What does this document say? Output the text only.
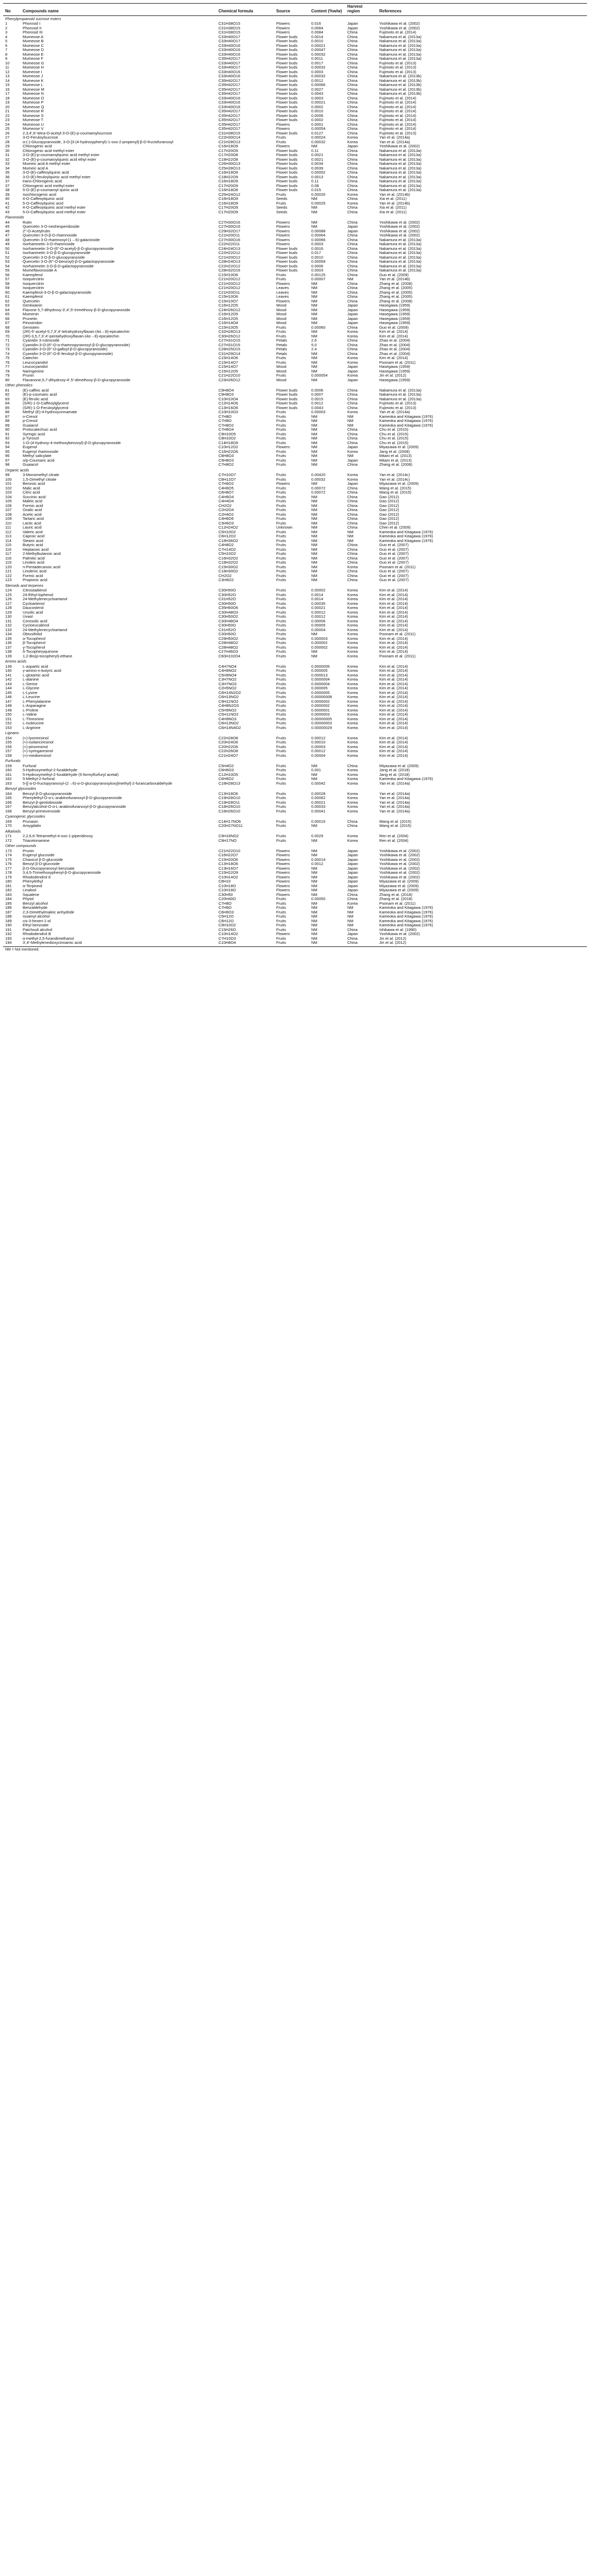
No	Compounds name	Chemical formula	Source	Content (%w/w)	Harvest region	References
Phenylpropanoid sucrose esters						
1	Phorosid I	C31H38O15	Flowers	0.016	Japan	Yoshikawa et al. (2002)
2	Phorosid II	C31H38O15	Flowers	0.0084	Japan	Yoshikawa et al. (2002)
3	Phorosid III	C31H38O15	Flowers	0.0084	China	Fujimoto et al. (2014)
4	Mumeose A	C33H40O17	Flower buds	0.0014	China	Nakamura et al. (2013a)
5	Mumeose B	C33H40O17	Flower buds	0.0010	China	Nakamura et al. (2013a)
6	Mumeose C	C33H40O16	Flower buds	0.00021	China	Nakamura et al. (2013a)
7	Mumeose D	C33H40O16	Flower buds	0.00047	China	Nakamura et al. (2013a)
8	Mumeose E	C33H40O16	Flower buds	0.00032	China	Nakamura et al. (2013a)
9	Mumeose F	C35H42O17	Flower buds	0.0011	China	Nakamura et al. (2013a)
10	Mumeose G	C33H40O17	Flower buds	0.0017	China	Fujimoto et al. (2013)
11	Mumeose H	C33H40O17	Flower buds	0.00032	China	Fujimoto et al. (2013)
12	Mumeose I	C33H40O16	Flower buds	0.0003	China	Fujimoto et al. (2013)
13	Mumeose J	C33H40O16	Flower buds	0.00032	China	Nakamura et al. (2013b)
14	Mumeose K	C35H42O17	Flower buds	0.0012	China	Nakamura et al. (2013b)
15	Mumeose L	C35H42O17	Flower buds	0.00066	China	Nakamura et al. (2013b)
16	Mumeose M	C35H42O17	Flower buds	0.0027	China	Nakamura et al. (2013b)
17	Mumeose N	C35H42O17	Flower buds	0.0043	China	Nakamura et al. (2013b)
18	Mumeose O	C33H40O16	Flower buds	0.0003	China	Fujimoto et al. (2014)
19	Mumeose P	C33H40O16	Flower buds	0.00021	China	Fujimoto et al. (2014)
20	Mumeose Q	C33H40O16	Flower buds	0.0002	China	Fujimoto et al. (2014)
21	Mumeose R	C35H42O17	Flower buds	0.0010	China	Fujimoto et al. (2014)
22	Mumeose S	C35H42O17	Flower buds	0.0006	China	Fujimoto et al. (2014)
23	Mumeose T	C35H42O17	Flower buds	0.0002	China	Fujimoto et al. (2014)
24	Mumeose U	C35H42O17	Flowers	0.0001	China	Fujimoto et al. (2014)
25	Mumeose V	C35H42O17	Flowers	0.00054	China	Fujimoto et al. (2014)
26	2,3,4′,6′-tetra-O-acetyl-3-O-(E)-p-coumaroylsucrose	C31H38O15	Flower buds	0.0127	China	Fujimoto et al. (2013)
27	3-O-Feruloylsucrose	C22H30O14	Fruits	0.00024	Korea	Yan et al. (2014a)
28	α-(-)-Glucopyranoside, 3-O-[3-(4-hydroxyphenyl)-1-oxo-2-propenyl]-β-D-fructofuranosyl	C21H28O13	Fruits	0.00032	Korea	Yan et al. (2014a)
29	Chlorogenic acid	C16H18O9	Flowers	NM	Japan	Yoshikawa et al. (2002)
30	Chlorogenic acid methyl ester	C17H20O9	Flower buds	0.11	China	Nakamura et al. (2013a)
31	3-O-(E)-p-coumaroylquinic acid methyl ester	C17H20O8	Flower buds	0.0021	China	Nakamura et al. (2013a)
32	3-O-(E)-p-coumaroylquinic acid ethyl ester	C18H22O8	Flower buds	0.0021	China	Nakamura et al. (2013a)
33	Mumeic acid A methyl ester	C26H30O13	Flower buds	0.0034	China	Nakamura et al. (2013a)
34	Mumeic acid A	C25H28O13	Flower buds	0.0039	China	Nakamura et al. (2013a)
35	3-O-(E)-caffeoylquinic acid	C16H18O9	Flower buds	0.00052	China	Nakamura et al. (2013a)
36	3-O-(E)-feruloylquinic acid methyl ester	C18H22O9	Flower buds	0.0013	China	Nakamura et al. (2013a)
37	trans-Chlorogenic acid	C16H18O9	Flower buds	0.11	China	Nakamura et al. (2013a)
37	Chlorogenic acid methyl ester	C17H20O9	Flower buds	0.08	China	Nakamura et al. (2013a)
38	5-O-(E)-p-coumaroyl quinic acid	C16H18O8	Flower buds	0.015	China	Nakamura et al. (2013a)
39	Isochlorogenic acid	C25H24O12	Fruits	0.00020	Korea	Yan et al. (2014b)
40	4-O-Caffeoylquinic acid	C16H18O9	Seeds	NM	China	Xia et al. (2011)
41	5-O-Caffeoylquinic acid	C16H18O9	Fruits	0.00025	Korea	Yan et al. (2014b)
42	4-O-Caffeoylquinic acid methyl ester	C17H20O9	Seeds	NM	China	Xia et al. (2011)
43	5-O-Caffeoylquinic acid methyl ester	C17H20O9	Seeds	NM	China	Xia et al. (2011)
Flavonoids						
44	Rutin	C27H30O16	Flowers	NM	China	Yoshikawa et al. (2002)
45	Quercetin 3-O-neohesperidoside	C27H30O16	Flowers	NM	Japan	Yoshikawa et al. (2002)
46	2″-O-Acetylrutin	C29H32O17	Flowers	0.00088	Japan	Yoshikawa et al. (2002)
47	Quercetin-3-O-β-D-rhamnoside	C21H20O11	Flowers	0.00064	China	Yoshikawa et al. (2002)
48	Quercetin 3-O-rhamnosyl-(1→6)-galactoside	C27H30O16	Flowers	0.00066	China	Nakamura et al. (2013a)
49	Isorhamnetin 3-O-rhamnoside	C22H22O11	Flowers	0.0003	China	Nakamura et al. (2013a)
50	Isorhamnetin 3-O-(6″-O-acetyl)-β-D-glucopyranoside	C24H24O13	Flower buds	0.0016	China	Nakamura et al. (2013a)
51	Isorhamnetin 3-O-β-D-glucopyranoside	C22H22O12	Flower buds	0.017	China	Nakamura et al. (2013a)
52	Quercetin 3-O-β-D-glucopyranoside	C21H20O12	Flower buds	0.0010	China	Nakamura et al. (2013a)
53	Quercetin 3-O-(6″-O-benzoyl)-β-D-galactopyranoside	C28H24O13	Flower buds	0.00059	China	Nakamura et al. (2013a)
54	Isorhamnetin 3-O-β-D-galactopyranoside	C22H22O12	Flower buds	0.0006	China	Nakamura et al. (2013a)
55	Mumeflavonoside A	C28H32O16	Flower buds	0.0003	China	Nakamura et al. (2013a)
56	Kaempferol	C15H10O6	Fruits	0.00125	China	Guo et al. (2009)
57	Isoquercitrin	C21H20O12	Fruits	0.00007	NM	Yan et al. (2014b)
58	Isoquercitrin	C21H20O12	Flowers	NM	China	Zhang et al. (2008)
59	Isoquercitrin	C21H20O12	Leaves	NM	China	Zhang et al. (2005)
60	Kaempferol-3-O-β-D-galactopyranoside	C21H20O11	Leaves	NM	China	Zhang et al. (2005)
61	Kaempferol	C15H10O6	Leaves	NM	China	Zhang et al. (2005)
62	Quercetin	C15H10O7	Flowers	NM	China	Zhang et al. (2008)
63	Genkwanin	C16H12O5	Wood	NM	Japan	Hasegawa (1959)
64	Flavone 5,7-dihydroxy-3′,4′,5′-trimethoxy-β-D-glucopyranoside	C24H26O12	Wood	NM	Japan	Hasegawa (1959)
65	Mumenin	C16H12O5	Wood	NM	Japan	Hasegawa (1959)
66	Prunetin	C16H12O5	Wood	NM	Japan	Hasegawa (1959)
67	Pinostrobin	C16H14O4	Wood	NM	Japan	Hasegawa (1959)
68	Genistein	C15H10O5	Fruits	0.00060	China	Guo et al. (2009)
69	(2R)-5′-acetyl-5,7,3′,4′-tetrahydroxyflavan-(4α→8)-epicatechin	C32H28O13	Fruits	NM	Korea	Kim et al. (2014)
70	(2R)-3,5,7,3′,4′-pentahydroxyflavan-(4α→8)-epicatechin	C30H26O12	Fruits	NM	Korea	Kim et al. (2014)
71	Cyanidin 3-rutinoside	C27H31O15	Petals	2.6	China	Zhao et al. (2004)
72	Cyanidin-3-O-(6″-O-α-rhamnopyranosyl-β-D-glucopyranoside)	C27H31O15	Petals	5.0	China	Zhao et al. (2004)
73	Cyanidin-3-O-(6″-O-galloyl-β-D-glucopyranoside)	C28H25O15	Petals	2.4	China	Zhao et al. (2004)
74	Cyanidin-3-O-(6″-O-E-feruloyl-β-D-glucopyranoside)	C31H29O14	Petals	NM	China	Zhao et al. (2004)
75	Catechin	C15H14O6	Fruits	NM	Korea	Kim et al. (2014)
76	Leucocyanidol	C15H14O7	Fruits	NM	Korea	Poonam et al. (2011)
77	Leucocyanidol	C15H14O7	Wood	NM	Japan	Hasegawa (1959)
78	Naringenine	C15H12O5	Wood	NM	Japan	Hasegawa (1959)
79	Prunin	C21H22O10	Fruits	0.000054	Korea	Jin et al. (2012)
80	Flavanone,5,7-dihydroxy-4′,5′-dimethoxy-β-D-glucopyranoside	C23H26O12	Wood	NM	Japan	Hasegawa (1959)
Other phenolics						
81	(E)-caffeic acid	C9H8O4	Flower buds	0.0006	China	Nakamura et al. (2013a)
82	(E)-p-coumaric acid	C9H8O3	Flower buds	0.0007	China	Nakamura et al. (2013a)
83	(E)-ferulic acid	C10H10O4	Flower buds	0.0015	China	Nakamura et al. (2013a)
84	(S/R)-1-O-Caffeoylglycerol	C12H14O6	Flower buds	0.0012	China	Fujimoto et al. (2013)
85	(S/R)-1-O-Feruloylglycerol	C13H16O6	Flower buds	0.0043	China	Fujimoto et al. (2013)
86	Methyl (E)-4-hydroxycinnamate	C10H10O3	Fruits	0.00003	Korea	Yan et al. (2014a)
87	o-Cresol	C7H8O	Fruits	NM	NM	Kameoka and Kitagawa (1976)
88	p-Cresol	C7H8O	Fruits	NM	NM	Kameoka and Kitagawa (1976)
89	Guaiacol	C7H8O2	Fruits	NM	NM	Kameoka and Kitagawa (1976)
90	Protocatechuic acid	C7H6O4	Fruits	NM	China	Chu et al. (2015)
91	Syringic acid	C9H10O5	Fruits	NM	China	Chu et al. (2015)
92	p-Tyrosol	C8H10O2	Fruits	NM	China	Chu et al. (2015)
93	1-O-(4-hydroxy-4-methoxybenzoyl)-β-D-glucopyranoside	C14H18O9	Fruits	NM	China	Chu et al. (2015)
94	Eugenol	C10H12O2	Flowers	NM	Japan	Miyazawa et al. (2009)
95	Eugenyl rhamnoside	C16H22O6	Fruits	NM	Korea	Jang et al. (2008)
96	Methyl salicylate	C8H8O3	Fruits	NM	NM	Mitani et al. (2013)
97	o/p-Coumaric acid	C9H8O3	Fruits	NM	Japan	Mitani et al. (2013)
98	Guaiacol	C7H8O2	Fruits	NM	China	Zhang et al. (2008)
Organic acids						
99	3-Monomethyl citrate	C7H10O7	Fruits	0.00420	Korea	Yan et al. (2014c)
100	1,5-Dimethyl citrate	C8H12O7	Fruits	0.00032	Korea	Yan et al. (2014c)
101	Benzoic acid	C7H6O2	Flowers	NM	Japan	Miyazawa et al. (2009)
102	Malic acid	C4H6O5	Fruits	0.00072	China	Wang et al. (2015)
103	Citric acid	C6H8O7	Fruits	0.00072	China	Wang et al. (2015)
104	Succinic acid	C4H6O4	Fruits	NM	China	Gao (2012)
105	Maleic acid	C4H4O4	Fruits	NM	China	Gao (2012)
106	Formic acid	CH2O2	Fruits	NM	China	Gao (2012)
107	Oxalic acid	C2H2O4	Fruits	NM	China	Gao (2012)
108	Acetic acid	C2H4O2	Fruits	NM	China	Gao (2012)
109	Tartaric acid	C4H6O6	Fruits	NM	China	Gao (2012)
110	Lactic acid	C3H6O3	Fruits	NM	China	Gao (2012)
111	Lauric acid	C12H24O2	Unknown	NM	China	Chen et al. (2009)
112	Valeric acid	C5H10O2	Fruits	NM	NM	Kameoka and Kitagawa (1976)
113	Caproic acid	C6H12O2	Fruits	NM	NM	Kameoka and Kitagawa (1976)
114	Stearic acid	C18H36O2	Fruits	NM	NM	Kameoka and Kitagawa (1976)
115	Butyric acid	C4H8O2	Fruits	NM	China	Guo et al. (2007)
116	Heptanoic acid	C7H14O2	Fruits	NM	China	Guo et al. (2007)
117	2-Methylbutanoic acid	C5H10O2	Fruits	NM	China	Guo et al. (2007)
118	Palmitic acid	C16H32O2	Fruits	NM	China	Guo et al. (2007)
119	Linoleic acid	C18H32O2	Fruits	NM	China	Guo et al. (2007)
120	n-Pentadecanoic acid	C15H30O2	Fruits	NM	Korea	Poonam et al. (2011)
121	Linolenic acid	C18H30O2	Fruits	NM	China	Guo et al. (2007)
122	Formic acid	CH2O2	Fruits	NM	China	Guo et al. (2007)
123	Propionic acid	C3H6O2	Fruits	NM	China	Guo et al. (2007)
Steroids and terpenes						
124	Citrostadienol	C30H50O	Fruits	0.00002	Korea	Kim et al. (2014)
125	24-Ethyl-lophenol	C30H52O	Fruits	0.0014	Korea	Kim et al. (2014)
126	24-Methylenecycloartanol	C31H52O	Fruits	0.0014	Korea	Kim et al. (2014)
127	Cycloartenol	C30H50O	Fruits	0.00035	Korea	Kim et al. (2014)
128	Daucosterol	C35H60O6	Fruits	0.00021	Korea	Kim et al. (2014)
129	Ursolic acid	C30H48O3	Fruits	0.00012	Korea	Kim et al. (2014)
130	Uvaol	C30H50O2	Fruits	0.00012	Korea	Kim et al. (2014)
131	Corosolic acid	C30H48O4	Fruits	0.00006	Korea	Kim et al. (2014)
132	Cycloeucalenol	C30H50O	Fruits	0.00005	Korea	Kim et al. (2014)
133	24-Methylenecycloartanol	C31H52O	Fruits	0.00004	Korea	Kim et al. (2014)
134	Obtusifoliol	C30H50O	Fruits	NM	Korea	Poonam et al. (2011)
135	α-Tocopherol	C29H50O2	Fruits	0.000003	Korea	Kim et al. (2014)
136	β-Tocopherol	C28H48O2	Fruits	0.000002	Korea	Kim et al. (2014)
137	γ-Tocopherol	C28H48O2	Fruits	0.000002	Korea	Kim et al. (2014)
138	δ-Tocopheryquinone	C27H46O3	Fruits	NM	Korea	Kim et al. (2014)
139	1,2-Bis(p-tocopheryl)-ethane	C60H102O4	Fruits	NM	Korea	Poonam et al. (2011)
Amino acids						
139	L-aspartic acid	C4H7NO4	Fruits	0.0000005	Korea	Kim et al. (2014)
140	γ-amino-n-butyric acid	C4H9NO2	Fruits	0.000005	Korea	Kim et al. (2014)
141	L-glutamic acid	C5H9NO4	Fruits	0.000013	Korea	Kim et al. (2014)
142	L-alanine	C3H7NO2	Fruits	0.0000004	Korea	Kim et al. (2014)
143	L-Serine	C3H7NO3	Fruits	0.0000004	Korea	Kim et al. (2014)
144	L-Glycine	C2H5NO2	Fruits	0.000005	Korea	Kim et al. (2014)
145	L-Lysine	C6H14N2O2	Fruits	0.0000005	Korea	Kim et al. (2014)
146	L-Leucine	C6H13NO2	Fruits	0.00000008	Korea	Kim et al. (2014)
147	L-Phenylalanine	C9H11NO2	Fruits	0.0000002	Korea	Kim et al. (2014)
148	L-Asparagine	C4H8N2O3	Fruits	0.0000002	Korea	Kim et al. (2014)
149	L-Proline	C5H9NO2	Fruits	0.0000001	Korea	Kim et al. (2014)
150	L-Valine	C5H11NO2	Fruits	0.0000003	Korea	Kim et al. (2014)
151	L-Threonine	C4H9NO3	Fruits	0.00000005	Korea	Kim et al. (2014)
152	L-Isoleucine	C6H13NO2	Fruits	0.00000003	Korea	Kim et al. (2014)
153	L-Arginine	C6H14N4O2	Fruits	0.00000029	Korea	Kim et al. (2014)
Lignans						
154	(+)-lyoniresinol	C22H28O8	Fruits	0.00012	Korea	Kim et al. (2014)
155	(+)-isolariciresinol	C20H24O6	Fruits	0.00010	Korea	Kim et al. (2014)
156	(+)-pinoresinol	C20H22O6	Fruits	0.00003	Korea	Kim et al. (2014)
157	(+)-syringaresinol	C22H26O8	Fruits	0.00012	Korea	Kim et al. (2014)
158	(+)-medioresinol	C21H24O7	Fruits	0.00004	Korea	Kim et al. (2014)
Furfurals						
159	Furfural	C5H4O2	Fruits	NM	China	Miyazawa et al. (2009)
160	5-Hydroxymethyl-2-furaldehyde	C6H6O3	Fruits	0.001	Korea	Jang et al. (2018)
161	5-Hydroxymethyl-2-furaldehyde (5-formylfurfuryl acetal)	C12H10O5	Fruits	NM	Korea	Jang et al. (2018)
162	5-Methyl-2-furfural	C6H6O2	Fruits	NM	Korea	Kameoka and Kitagawa (1976)
163	5-[[-α-D-fructopyranosyl-(2→6)-α-D-glucopyranosyloxy]methyl]-2-furancarboxaldehyde	C18H28O13	Fruits	0.00042	Korea	Yan et al. (2014a)
Benzyl glycosides						
164	Benzyl-β-D-glucopyranoside	C13H18O6	Fruits	0.00028	Korea	Yan et al. (2014a)
165	Phenylethyl-O-α-L-arabinofuranosyl-β-D-glucopyranoside	C19H28O10	Fruits	0.00062	Korea	Yan et al. (2014a)
166	Benzyl-β-gentiobioside	C19H28O11	Fruits	0.00021	Korea	Yan et al. (2014a)
167	Benzylalcohol-O-α-L-arabinofuranosyl-β-D-glucopyranoside	C18H26O10	Fruits	0.00033	Korea	Yan et al. (2014a)
168	Benzyl-primeveroside	C18H26O10	Fruits	0.00041	Korea	Yan et al. (2014a)
Cyanogenic glycosides						
169	Prunasin	C14H17NO6	Fruits	0.00015	China	Wang et al. (2015)
170	Amygdalin	C20H27NO11	Fruits	NM	China	Wang et al. (2015)
Alkaloids						
171	2,2,6,6-Tetramethyl-4-oxo-1-piperidinoxy	C9H16NO2	Fruits	0.0029	Korea	Ren et al. (2004)
172	Triacetonamine	C9H17NO	Fruits	NM	Korea	Ren et al. (2004)
Other compounds						
173	Prunin	C21H22O10	Flowers	NM	Japan	Yoshikawa et al. (2002)
174	Eugenyl glucoside	C16H22O7	Flowers	NM	Japan	Yoshikawa et al. (2002)
175	Chavicol β-D-glucoside	C15H20O6	Flowers	0.00014	Japan	Yoshikawa et al. (2002)
176	Benzyl β-D-glucoside	C13H18O6	Flowers	0.0012	Japan	Yoshikawa et al. (2002)
177	β-D-Glucopyranosyl benzoate	C13H16O7	Flowers	NM	Japan	Yoshikawa et al. (2002)
178	3,4,5-Trimethoxyphenyl-β-D-glucopyranoside	C15H22O9	Flowers	NM	Japan	Yoshikawa et al. (2002)
179	Rhododendrol 8	C10H14O2	Flowers	NM	Japan	Yoshikawa et al. (2002)
180	Phenylethyl	C8H10	Flowers	NM	Japan	Miyazawa et al. (2009)
181	α-Terpineol	C10H18O	Flowers	NM	Japan	Miyazawa et al. (2009)
182	Linalool	C10H18O	Flowers	NM	Japan	Miyazawa et al. (2009)
183	Squalene	C30H50	Flowers	NM	China	Zhang et al. (2018)
184	Phytol	C20H40O	Fruits	0.00050	China	Zhang et al. (2018)
185	Benzyl alcohol	C7H8O	Fruits	NM	Korea	Poonam et al. (2011)
186	Benzaldehyde	C7H6O	Fruits	NM	NM	Kameoka and Kitagawa (1976)
187	2,3-Dimethylmaleic anhydride	C6H6O3	Fruits	NM	NM	Kameoka and Kitagawa (1976)
188	Isoamyl alcohol	C5H12O	Fruits	NM	NM	Kameoka and Kitagawa (1976)
189	cis-3-hexen-1-ol	C6H12O	Fruits	NM	NM	Kameoka and Kitagawa (1976)
190	Ethyl benzoate	C9H10O2	Fruits	NM	NM	Kameoka and Kitagawa (1976)
191	Patchouli alcohol	C15H26O	Fruits	NM	China	Ishikawa et al. (1990)
192	Rhododendrol B	C10H14O2	Flowers	NM	Japan	Yoshikawa et al. (2002)
193	α-methyl-2,5-furandimethanol	C7H10O3	Fruits	NM	China	Jin et al. (2012)
194	3′,4′-Methylenedioxycinnamic acid	C10H8O4	Fruits	NM	China	Jin et al. (2012)
NM = Not mentioned.
